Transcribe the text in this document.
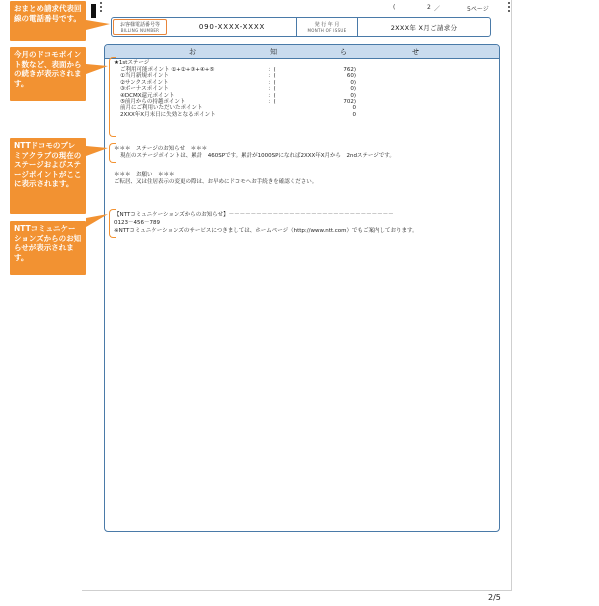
(	2 ／	5ページ
お客様電話番号等
BILLING NUMBER	090-XXXX-XXXX	発 行 年 月
MONTH OF ISSUE	2XXX年 X月ご請求分
お	知	ら	せ
★1stステージ
ご利用可能ポイント ①+②+③+④+⑤	：(	762)
①当月新規ポイント	：(	60)
②サンクスポイント	：(	0)
③ボーナスポイント	：(	0)
④DCMX還元ポイント	：(	0)
⑤前月からの持越ポイント	：(	702)
前月にご利用いただいたポイント	0
2XXX年X月末日に失効となるポイント	0
＊＊＊　ステージのお知らせ　＊＊＊
現在のステージポイントは、累計　460SPです。累計が1000SPになれば2XXX年X月から　2ndステージです。
＊＊＊　お願い　＊＊＊
ご転居、又は住居表示の変更の際は、お早めにドコモへお手続きを確認ください。
【NTTコミュニケーションズからのお知らせ】－－－－－－－－－－－－－－－－－－－－－－－－－－－－－－
0123－456－789
※NTTコミュニケーションズのサービスにつきましては、ホームページ（http://www.ntt.com）でもご案内しております。
おまとめ請求代表回線の電話番号です。
今月のドコモポイント数など、表面からの続きが表示されます。
NTTドコモのプレミアクラブの現在のステージおよびステージポイントがここに表示されます。
NTTコミュニケーションズからのお知らせが表示されます。
2/5
